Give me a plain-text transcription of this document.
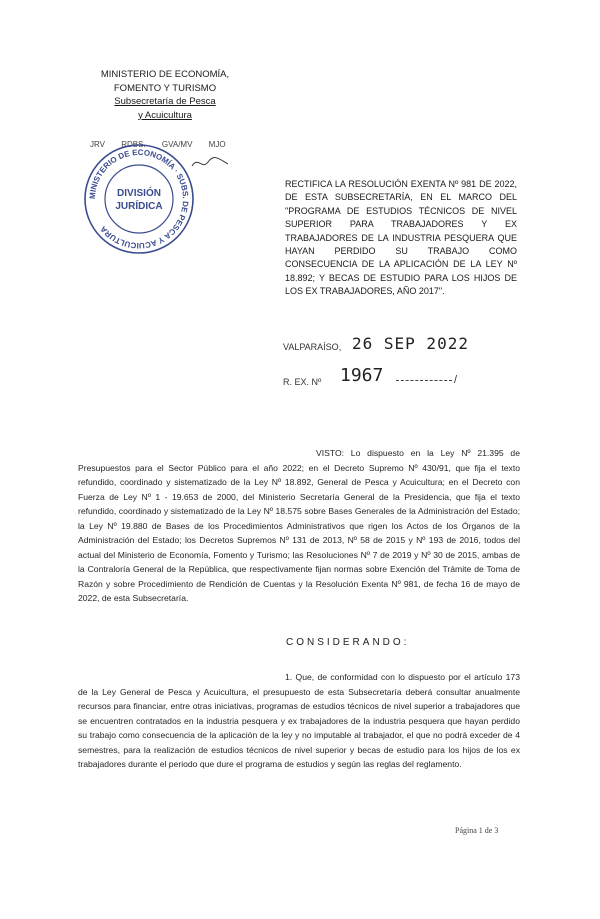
MINISTERIO DE ECONOMÍA,
FOMENTO Y TURISMO
Subsecretaría de Pesca
y Acuicultura
JRV RDBS. GVA/MV MJO
MINISTERIO DE ECONOMÍA · SUBS. DE PESCA Y ACUICULTURA
DIVISIÓN
JURÍDICA
RECTIFICA LA RESOLUCIÓN EXENTA Nº 981 DE 2022, DE ESTA SUBSECRETARÍA, EN EL MARCO DEL "PROGRAMA DE ESTUDIOS TÉCNICOS DE NIVEL SUPERIOR PARA TRABAJADORES Y EX TRABAJADORES DE LA INDUSTRIA PESQUERA QUE HAYAN PERDIDO SU TRABAJO COMO CONSECUENCIA DE LA APLICACIÓN DE LA LEY Nº 18.892; Y BECAS DE ESTUDIO PARA LOS HIJOS DE LOS EX TRABAJADORES, AÑO 2017".
VALPARAÍSO, 26 SEP 2022
R. EX. Nº 1967	/
VISTO: Lo dispuesto en la Ley Nº 21.395 de Presupuestos para el Sector Público para el año 2022; en el Decreto Supremo Nº 430/91, que fija el texto refundido, coordinado y sistematizado de la Ley Nº 18.892, General de Pesca y Acuicultura; en el Decreto con Fuerza de Ley Nº 1 - 19.653 de 2000, del Ministerio Secretaría General de la Presidencia, que fija el texto refundido, coordinado y sistematizado de la Ley Nº 18.575 sobre Bases Generales de la Administración del Estado; la Ley Nº 19.880 de Bases de los Procedimientos Administrativos que rigen los Actos de los Órganos de la Administración del Estado; los Decretos Supremos Nº 131 de 2013, Nº 58 de 2015 y Nº 193 de 2016, todos del actual del Ministerio de Economía, Fomento y Turismo; las Resoluciones Nº 7 de 2019 y Nº 30 de 2015, ambas de la Contraloría General de la República, que respectivamente fijan normas sobre Exención del Trámite de Toma de Razón y sobre Procedimiento de Rendición de Cuentas y la Resolución Exenta Nº 981, de fecha 16 de mayo de 2022, de esta Subsecretaría.
CONSIDERANDO:
1. Que, de conformidad con lo dispuesto por el artículo 173 de la Ley General de Pesca y Acuicultura, el presupuesto de esta Subsecretaría deberá consultar anualmente recursos para financiar, entre otras iniciativas, programas de estudios técnicos de nivel superior a trabajadores que se encuentren contratados en la industria pesquera y ex trabajadores de la industria pesquera que hayan perdido su trabajo como consecuencia de la aplicación de la ley y no imputable al trabajador, el que no podrá exceder de 4 semestres, para la realización de estudios técnicos de nivel superior y becas de estudio para los hijos de los ex trabajadores durante el periodo que dure el programa de estudios y según las reglas del reglamento.
Página 1 de 3
